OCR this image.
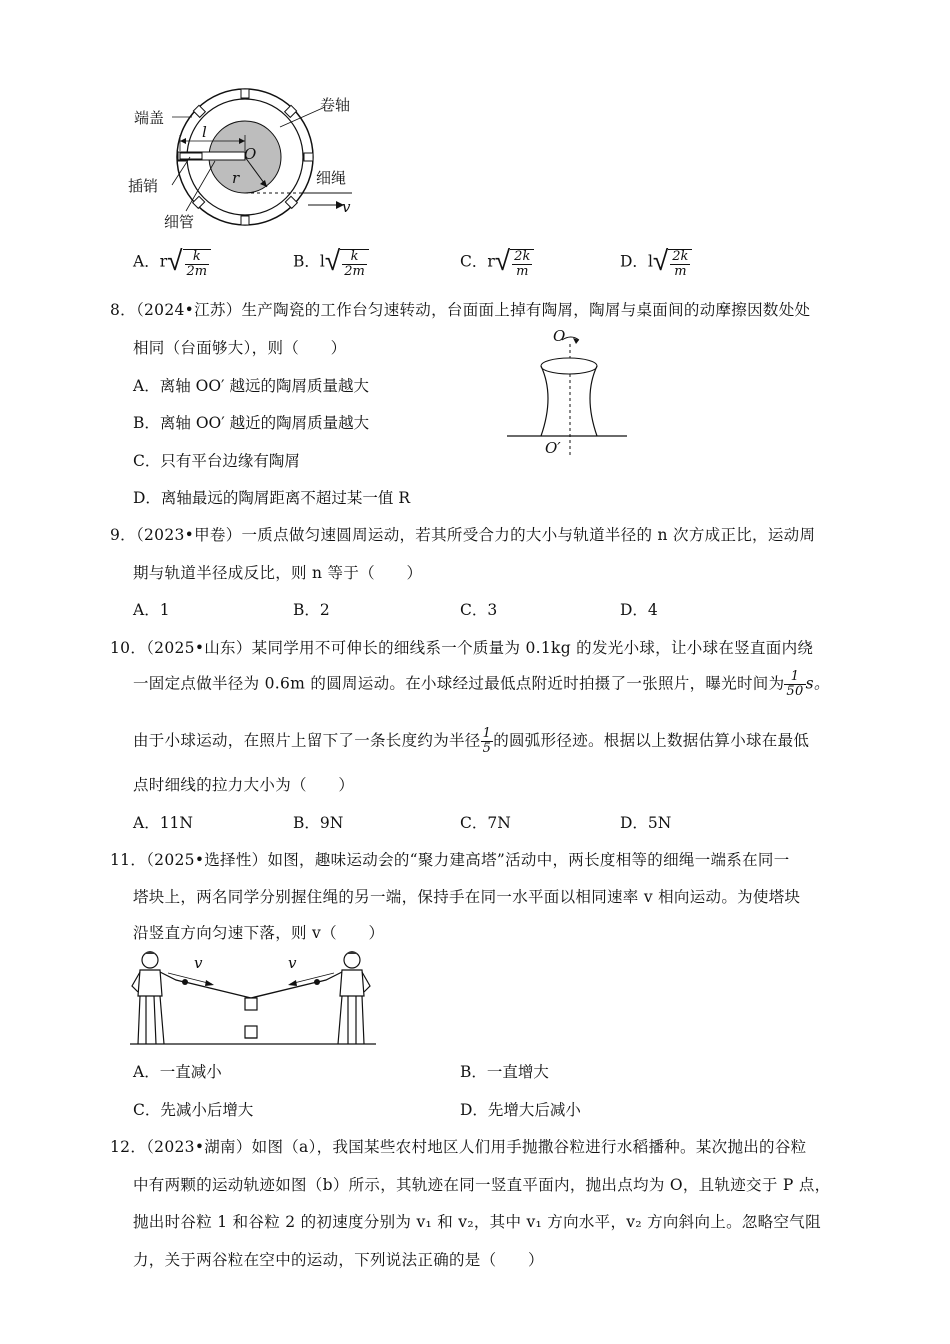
端盖
卷轴
插销
细管
细绳
l
O
r
v
A．r √ $\frac{k}{2m}$	B．l √ $\frac{k}{2m}$	C．r √ $\frac{2k}{m}$	D．l √ $\frac{2k}{m}$
8．（2024•江苏）生产陶瓷的工作台匀速转动，台面面上掉有陶屑，陶屑与桌面间的动摩擦因数处处
相同（台面够大），则（　　）
A．离轴 OO′ 越远的陶屑质量越大
B．离轴 OO′ 越近的陶屑质量越大
C．只有平台边缘有陶屑
D．离轴最远的陶屑距离不超过某一值 R
O
O′
9．（2023•甲卷）一质点做匀速圆周运动，若其所受合力的大小与轨道半径的 n 次方成正比，运动周
期与轨道半径成反比，则 n 等于（　　）
A．1	B．2	C．3	D．4
10．（2025•山东）某同学用不可伸长的细线系一个质量为 0.1kg 的发光小球，让小球在竖直面内绕
一固定点做半径为 0.6m 的圆周运动。在小球经过最低点附近时拍摄了一张照片，曝光时间为 $\frac{1}{50}$ s。
由于小球运动，在照片上留下了一条长度约为半径 $\frac{1}{5}$ 的圆弧形径迹。根据以上数据估算小球在最低
点时细线的拉力大小为（　　）
A．11N	B．9N	C．7N	D．5N
11．（2025•选择性）如图，趣味运动会的“聚力建高塔”活动中，两长度相等的细绳一端系在同一
塔块上，两名同学分别握住绳的另一端，保持手在同一水平面以相同速率 v 相向运动。为使塔块
沿竖直方向匀速下落，则 v（　　）
v	v
A．一直减小	B．一直增大
C．先减小后增大	D．先增大后减小
12．（2023•湖南）如图（a），我国某些农村地区人们用手抛撒谷粒进行水稻播种。某次抛出的谷粒
中有两颗的运动轨迹如图（b）所示，其轨迹在同一竖直平面内，抛出点均为 O，且轨迹交于 P 点，
抛出时谷粒 1 和谷粒 2 的初速度分别为 v₁ 和 v₂，其中 v₁ 方向水平，v₂ 方向斜向上。忽略空气阻
力，关于两谷粒在空中的运动，下列说法正确的是（　　）
